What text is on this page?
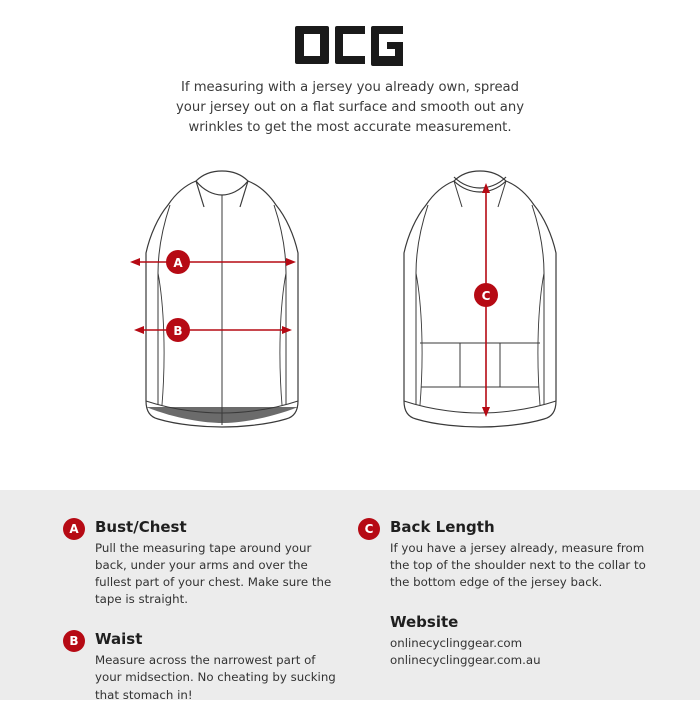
If measuring with a jersey you already own, spread your jersey out on a flat surface and smooth out any wrinkles to get the most accurate measurement.
A
B
C
A	Bust/Chest

Pull the measuring tape around your back, under your arms and over the fullest part of your chest. Make sure the tape is straight.

B	Waist

Measure across the narrowest part of your midsection. No cheating by sucking that stomach in!

C	Back Length

If you have a jersey already, measure from the top of the shoulder next to the collar to the bottom edge of the jersey back.

Website
onlinecyclinggear.com
onlinecyclinggear.com.au
